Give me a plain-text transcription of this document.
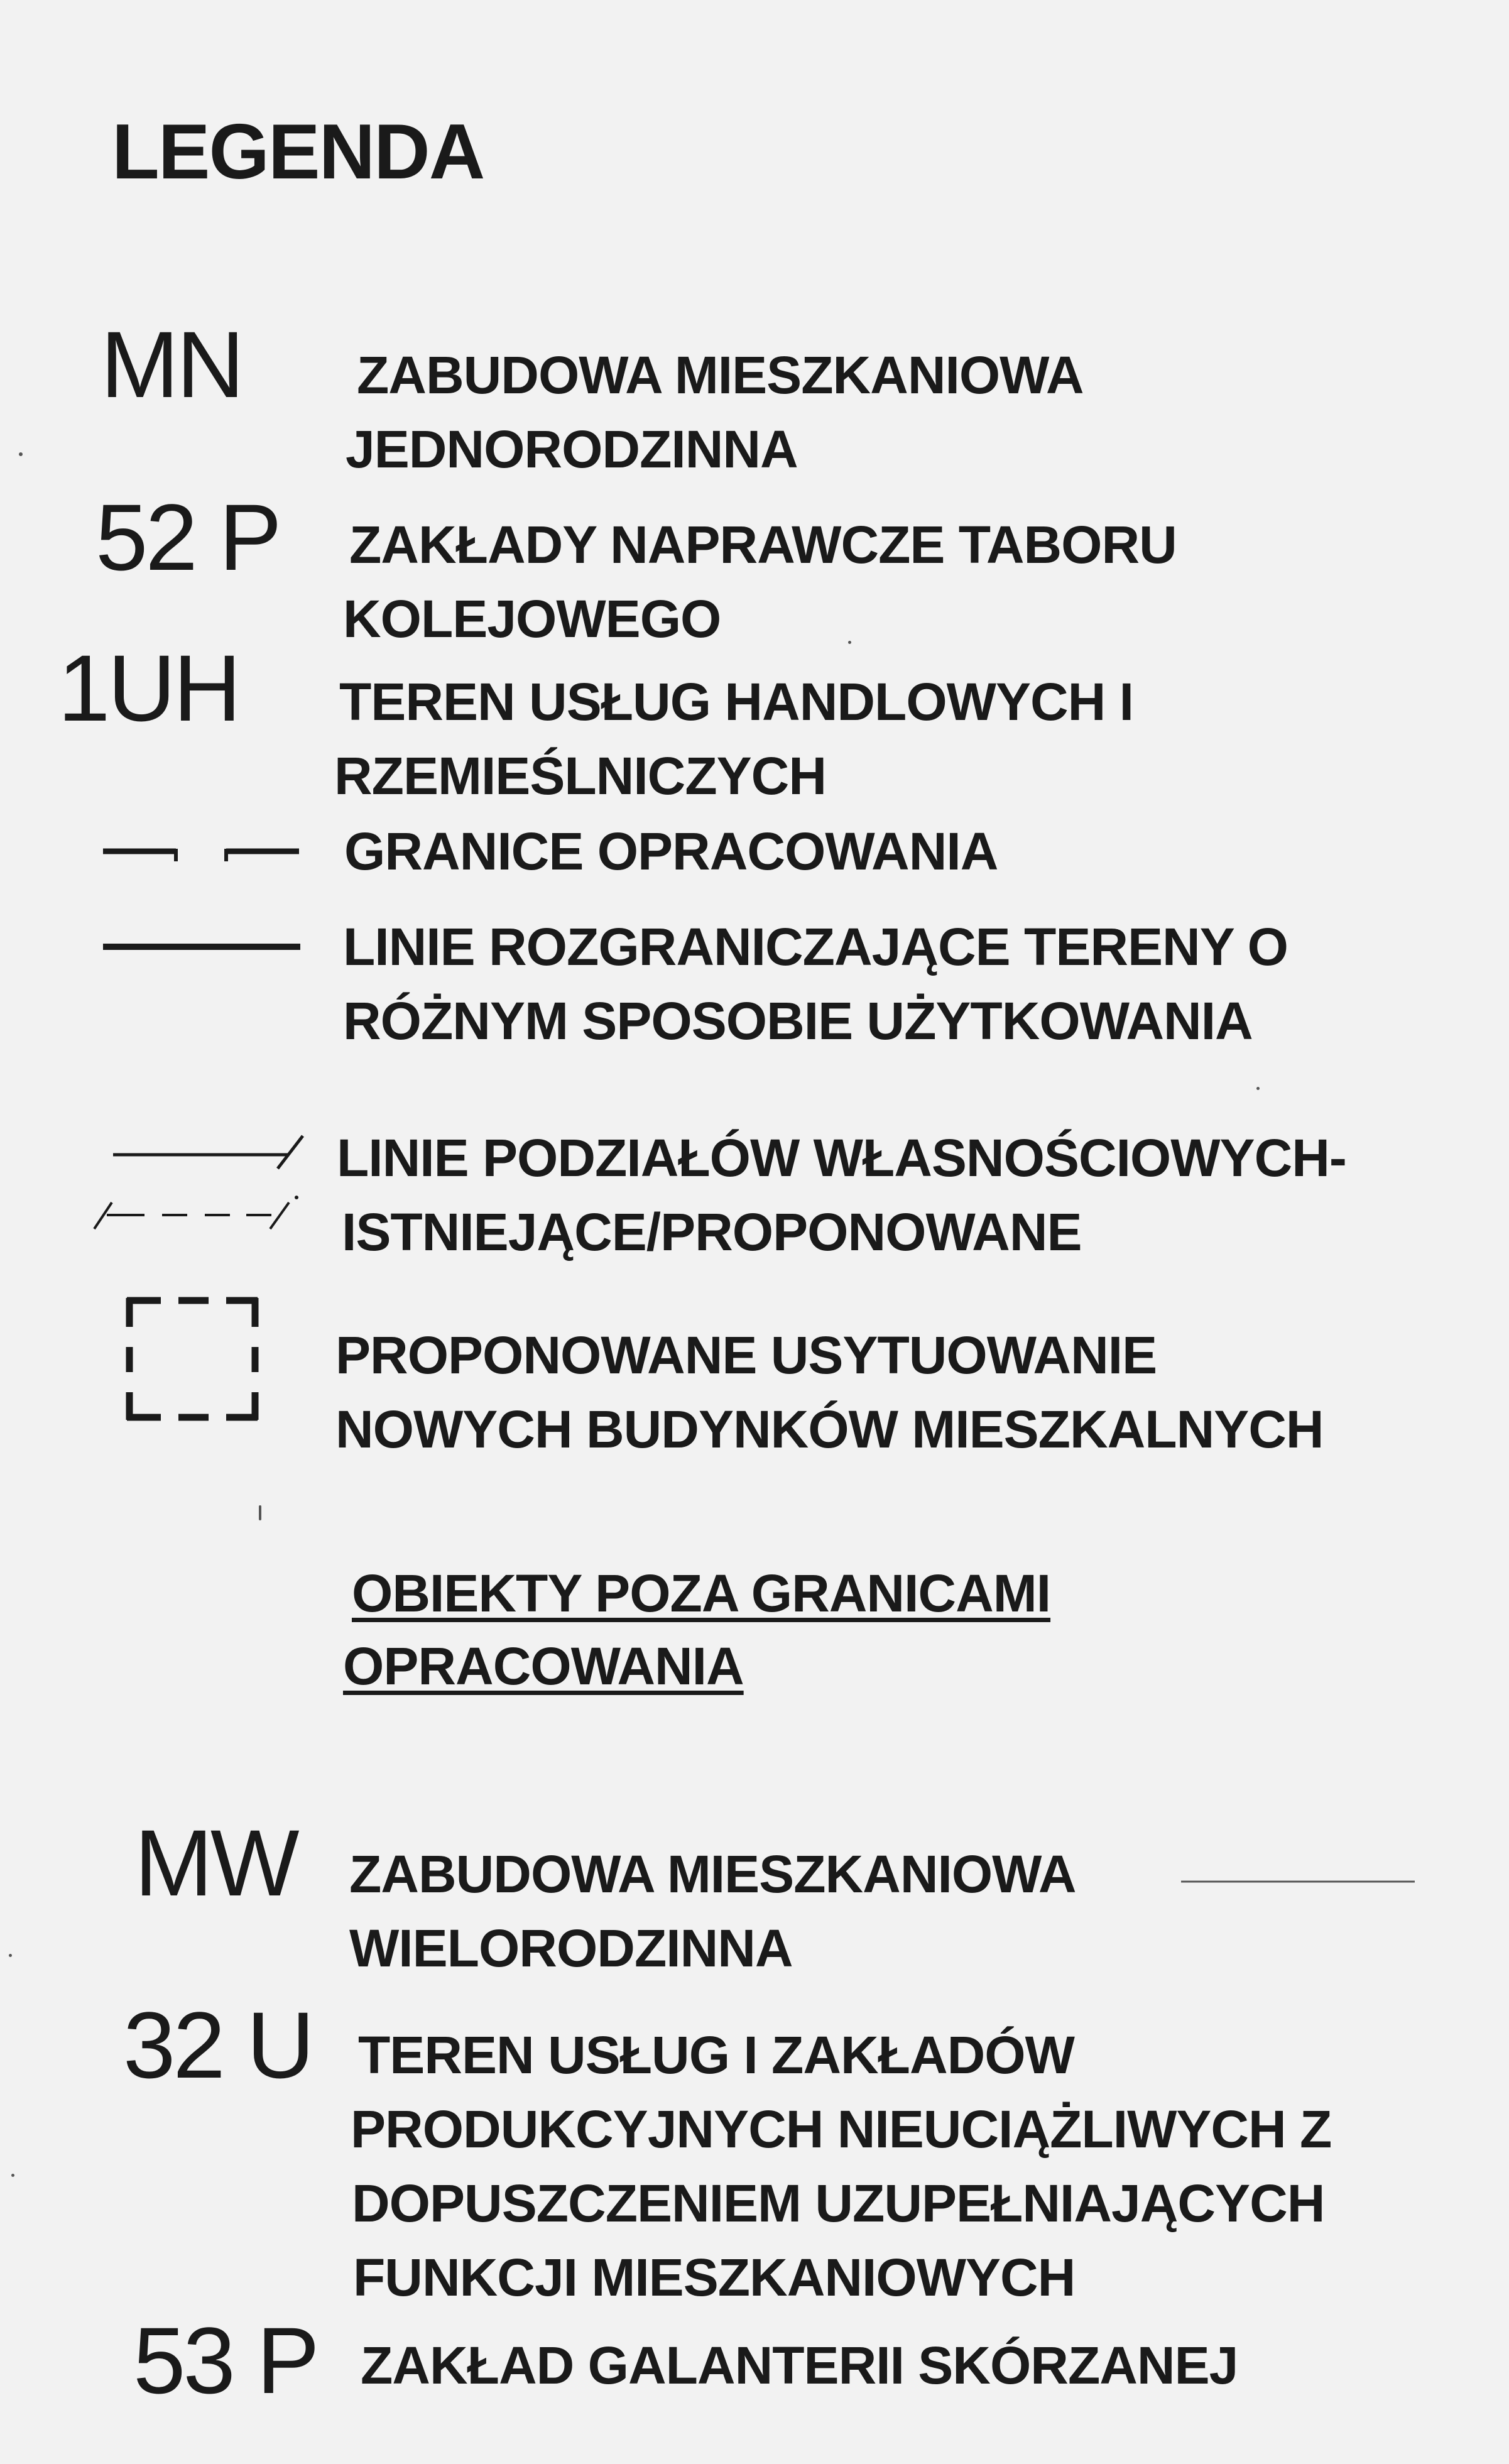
LEGENDA
MN ZABUDOWA MIESZKANIOWA
JEDNORODZINNA
52 P ZAKŁADY NAPRAWCZE TABORU
KOLEJOWEGO
1UH TEREN USŁUG HANDLOWYCH I
RZEMIEŚLNICZYCH
GRANICE OPRACOWANIA
LINIE ROZGRANICZAJĄCE TERENY O
RÓŻNYM SPOSOBIE UŻYTKOWANIA
LINIE PODZIAŁÓW WŁASNOŚCIOWYCH-
ISTNIEJĄCE/PROPONOWANE
PROPONOWANE USYTUOWANIE
NOWYCH BUDYNKÓW MIESZKALNYCH
OBIEKTY POZA GRANICAMI
OPRACOWANIA
MW ZABUDOWA MIESZKANIOWA
WIELORODZINNA
32 U TEREN USŁUG I ZAKŁADÓW
PRODUKCYJNYCH NIEUCIĄŻLIWYCH Z
DOPUSZCZENIEM UZUPEŁNIAJĄCYCH
FUNKCJI MIESZKANIOWYCH
53 P ZAKŁAD GALANTERII SKÓRZANEJ
